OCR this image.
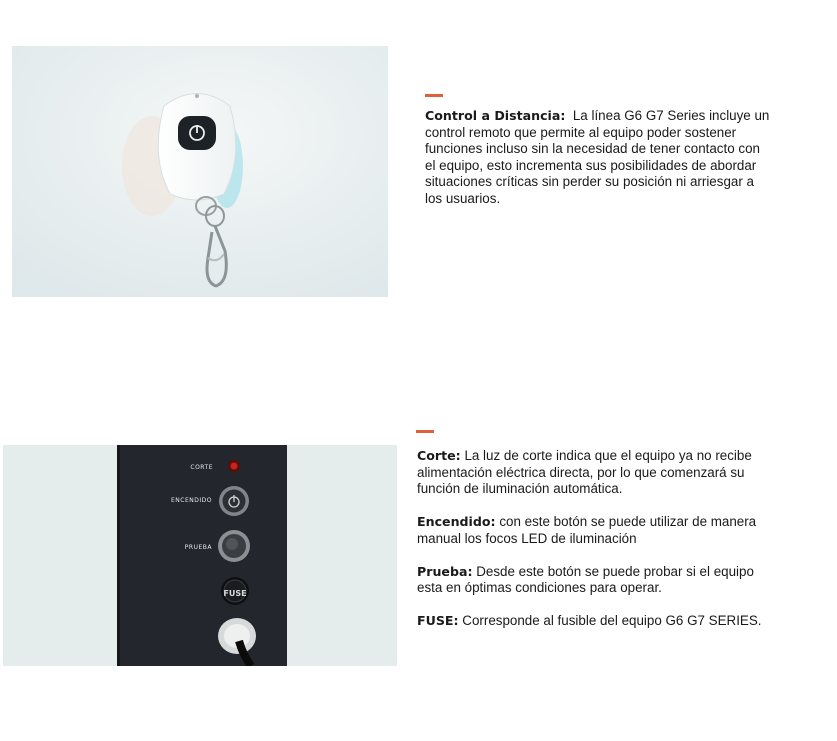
Control a Distancia: La línea G6 G7 Series incluye un control remoto que permite al equipo poder sostener funciones incluso sin la necesidad de tener contacto con el equipo, esto incrementa sus posibilidades de abordar situaciones críticas sin perder su posición ni arriesgar a los usuarios.

CORTE
ENCENDIDO
PRUEBA
FUSE

Corte: La luz de corte indica que el equipo ya no recibe alimentación eléctrica directa, por lo que comenzará su función de iluminación automática.

Encendido: con este botón se puede utilizar de manera manual los focos LED de iluminación

Prueba: Desde este botón se puede probar si el equipo esta en óptimas condiciones para operar.

FUSE: Corresponde al fusible del equipo G6 G7 SERIES.
